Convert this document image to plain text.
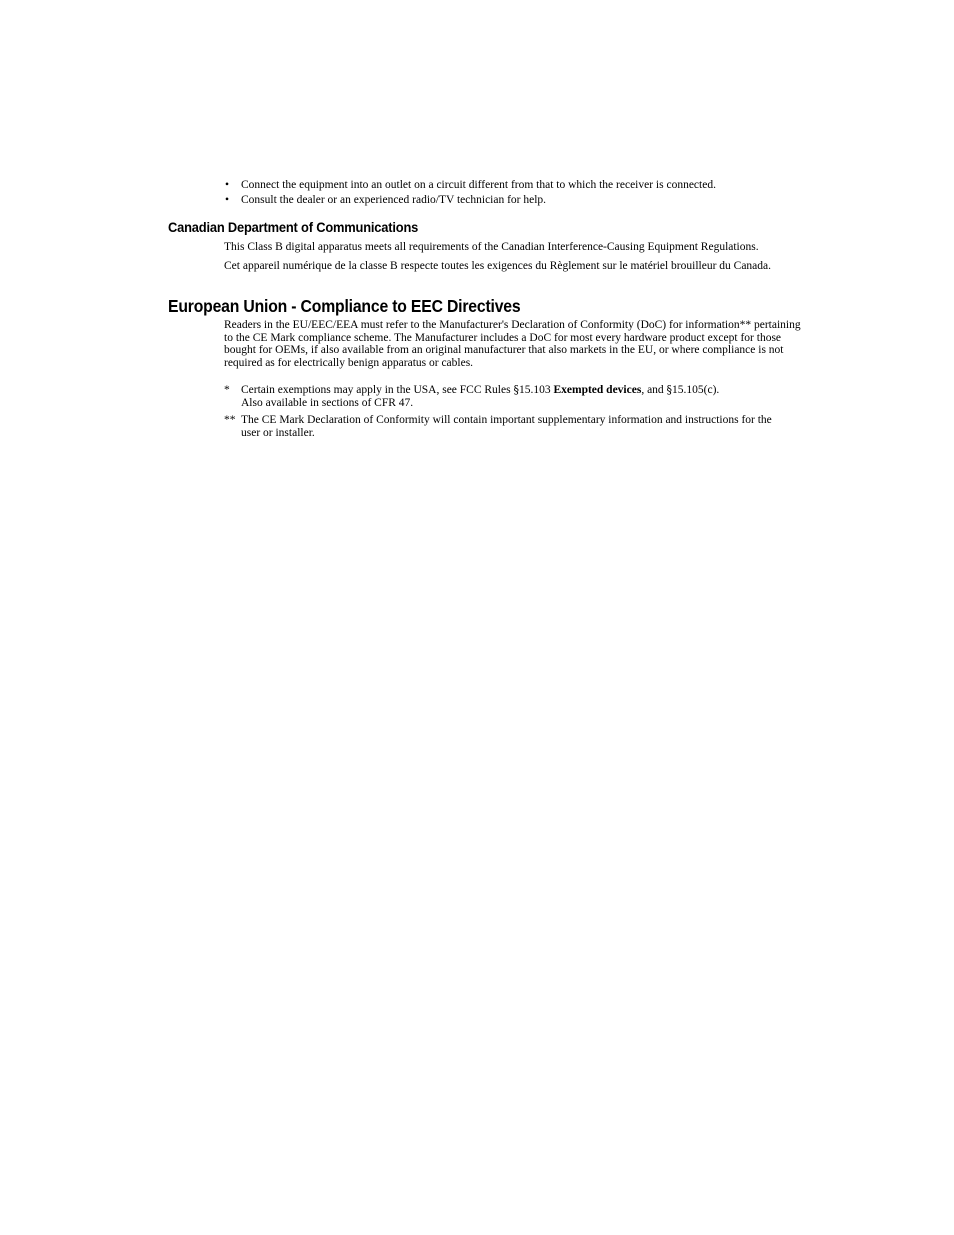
• Connect the equipment into an outlet on a circuit different from that to which the receiver is connected.
• Consult the dealer or an experienced radio/TV technician for help.
Canadian Department of Communications

This Class B digital apparatus meets all requirements of the Canadian Interference-Causing Equipment Regulations.

Cet appareil numérique de la classe B respecte toutes les exigences du Règlement sur le matériel brouilleur du Canada.

European Union - Compliance to EEC Directives

Readers in the EU/EEC/EEA must refer to the Manufacturer's Declaration of Conformity (DoC) for information** pertaining to the CE Mark compliance scheme. The Manufacturer includes a DoC for most every hardware product except for those bought for OEMs, if also available from an original manufacturer that also markets in the EU, or where compliance is not required as for electrically benign apparatus or cables.

* Certain exemptions may apply in the USA, see FCC Rules §15.103 Exempted devices, and §15.105(c).
Also available in sections of CFR 47.
** The CE Mark Declaration of Conformity will contain important supplementary information and instructions for the user or installer.
